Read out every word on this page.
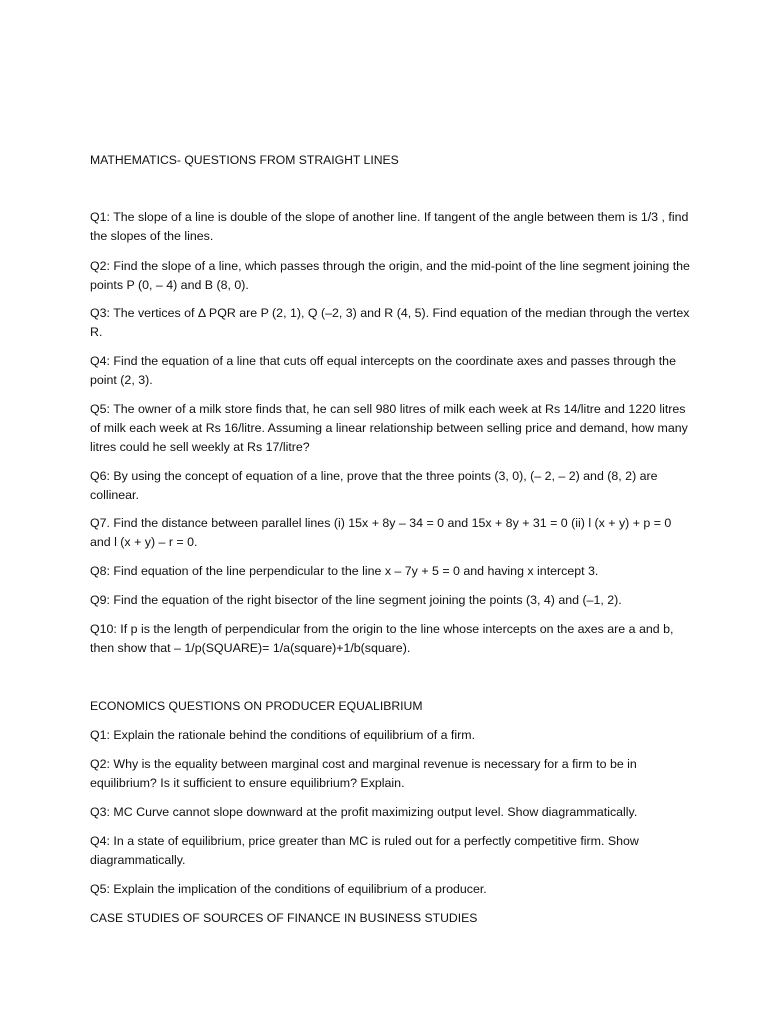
MATHEMATICS- QUESTIONS FROM STRAIGHT LINES

Q1: The slope of a line is double of the slope of another line. If tangent of the angle between them is 1/3 , find the slopes of the lines.

Q2: Find the slope of a line, which passes through the origin, and the mid-point of the line segment joining the points P (0, – 4) and B (8, 0).

Q3: The vertices of Δ PQR are P (2, 1), Q (–2, 3) and R (4, 5). Find equation of the median through the vertex R.

Q4: Find the equation of a line that cuts off equal intercepts on the coordinate axes and passes through the point (2, 3).

Q5: The owner of a milk store finds that, he can sell 980 litres of milk each week at Rs 14/litre and 1220 litres of milk each week at Rs 16/litre. Assuming a linear relationship between selling price and demand, how many litres could he sell weekly at Rs 17/litre?

Q6: By using the concept of equation of a line, prove that the three points (3, 0), (– 2, – 2) and (8, 2) are collinear.

Q7. Find the distance between parallel lines (i) 15x + 8y – 34 = 0 and 15x + 8y + 31 = 0 (ii) l (x + y) + p = 0 and l (x + y) – r = 0.

Q8: Find equation of the line perpendicular to the line x – 7y + 5 = 0 and having x intercept 3.

Q9: Find the equation of the right bisector of the line segment joining the points (3, 4) and (–1, 2).

Q10: If p is the length of perpendicular from the origin to the line whose intercepts on the axes are a and b, then show that – 1/p(SQUARE)= 1/a(square)+1/b(square).

ECONOMICS QUESTIONS ON PRODUCER EQUALIBRIUM

Q1: Explain the rationale behind the conditions of equilibrium of a firm.

Q2: Why is the equality between marginal cost and marginal revenue is necessary for a firm to be in equilibrium? Is it sufficient to ensure equilibrium? Explain.

Q3: MC Curve cannot slope downward at the profit maximizing output level. Show diagrammatically.

Q4: In a state of equilibrium, price greater than MC is ruled out for a perfectly competitive firm. Show diagrammatically.

Q5: Explain the implication of the conditions of equilibrium of a producer.

CASE STUDIES OF SOURCES OF FINANCE IN BUSINESS STUDIES
